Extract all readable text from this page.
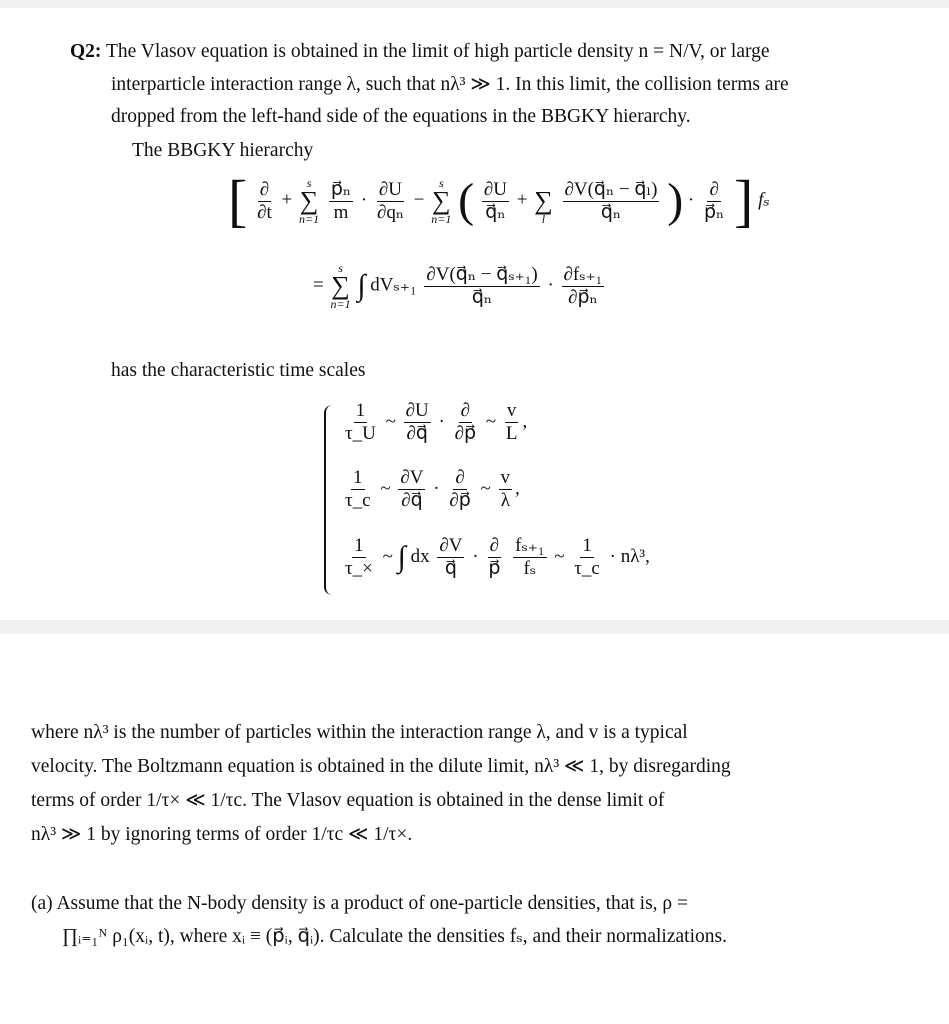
Q2: The Vlasov equation is obtained in the limit of high particle density n = N/V, or large
interparticle interaction range λ, such that nλ³ ≫ 1. In this limit, the collision terms are
dropped from the left-hand side of the equations in the BBGKY hierarchy.
The BBGKY hierarchy
[ $\frac{\partial}{\partial t}$ +
s
∑
n=1
$\frac{\text{p⃗ₙ}}{m} \cdot \frac{\partial U}{\text{∂qₙ}}$ −
s
∑
n=1 ( $\frac{\partial U}{\text{q⃗ₙ}}$ +
∑
l
$\frac{\text{∂V(q⃗ₙ − q⃗ₗ)}}{\text{q⃗ₙ}}$ ) · $\frac{\partial}{\text{p⃗ₙ}}$ ] fₛ
=
s
∑
n=1
∫ $dV_{s+1} \frac{\text{∂V(q⃗ₙ − q⃗ₛ₊₁)}}{\text{q⃗ₙ}} \cdot \frac{\text{∂fₛ₊₁}}{\text{∂p⃗ₙ}}$
has the characteristic time scales
$\frac{1}{\tau\_U}$ ~ $\frac{\partial U}{\partial q⃗} \cdot \frac{\partial}{\partial p⃗}$ ~ $\frac{v}{L}$ ,
$\frac{1}{\tau\_c}$ ~ $\frac{\partial V}{\partial q⃗} \cdot \frac{\partial}{\partial p⃗}$ ~ $\frac{v}{\lambda}$ ,
$\frac{1}{\tau\_\times}$ ~ ∫ dx $\frac{\partial V}{q⃗} \cdot \frac{\partial}{p⃗}$
$\frac{\text{fₛ₊₁}}{\text{fₛ}}$ ~ $\frac{1}{\tau\_c} \cdot n\lambda^3$,
where nλ³ is the number of particles within the interaction range λ, and v is a typical
velocity. The Boltzmann equation is obtained in the dilute limit, nλ³ ≪ 1, by disregarding
terms of order 1/τ× ≪ 1/τc. The Vlasov equation is obtained in the dense limit of
nλ³ ≫ 1 by ignoring terms of order 1/τc ≪ 1/τ×.
(a) Assume that the N-body density is a product of one-particle densities, that is, ρ =
∏ᵢ₌₁ᴺ ρ₁(xᵢ, t), where xᵢ ≡ (p⃗ᵢ, q⃗ᵢ). Calculate the densities fₛ, and their normalizations.
